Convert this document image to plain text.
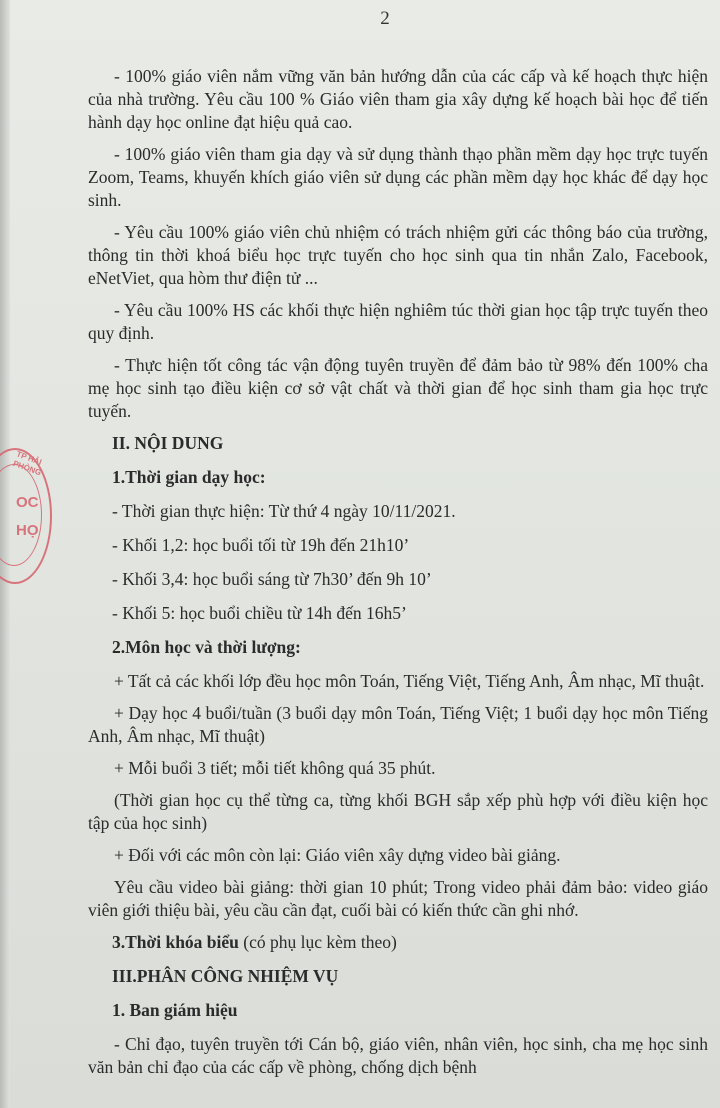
TP HẢI PHÒNG
OC
HỌ
2

- 100% giáo viên nắm vững văn bản hướng dẫn của các cấp và kế hoạch thực hiện của nhà trường. Yêu cầu 100 % Giáo viên tham gia xây dựng kế hoạch bài học để tiến hành dạy học online đạt hiệu quả cao.

- 100% giáo viên tham gia dạy và sử dụng thành thạo phần mềm dạy học trực tuyến Zoom, Teams, khuyến khích giáo viên sử dụng các phần mềm dạy học khác để dạy học sinh.

- Yêu cầu 100% giáo viên chủ nhiệm có trách nhiệm gửi các thông báo của trường, thông tin thời khoá biểu học trực tuyến cho học sinh qua tin nhắn Zalo, Facebook, eNetViet, qua hòm thư điện tử ...

- Yêu cầu 100% HS các khối thực hiện nghiêm túc thời gian học tập trực tuyến theo quy định.

- Thực hiện tốt công tác vận động tuyên truyền để đảm bảo từ 98% đến 100% cha mẹ học sinh tạo điều kiện cơ sở vật chất và thời gian để học sinh tham gia học trực tuyến.

II. NỘI DUNG
1.Thời gian dạy học:
- Thời gian thực hiện: Từ thứ 4 ngày 10/11/2021.
- Khối 1,2: học buổi tối từ 19h đến 21h10’
- Khối 3,4: học buổi sáng từ 7h30’ đến 9h 10’
- Khối 5: học buổi chiều từ 14h đến 16h5’
2.Môn học và thời lượng:

+ Tất cả các khối lớp đều học môn Toán, Tiếng Việt, Tiếng Anh, Âm nhạc, Mĩ thuật.

+ Dạy học 4 buổi/tuần (3 buổi dạy môn Toán, Tiếng Việt; 1 buổi dạy học môn Tiếng Anh, Âm nhạc, Mĩ thuật)

+ Mỗi buổi 3 tiết; mỗi tiết không quá 35 phút.

(Thời gian học cụ thể từng ca, từng khối BGH sắp xếp phù hợp với điều kiện học tập của học sinh)

+ Đối với các môn còn lại: Giáo viên xây dựng video bài giảng.

Yêu cầu video bài giảng: thời gian 10 phút; Trong video phải đảm bảo: video giáo viên giới thiệu bài, yêu cầu cần đạt, cuối bài có kiến thức cần ghi nhớ.

3.Thời khóa biểu (có phụ lục kèm theo)
III.PHÂN CÔNG NHIỆM VỤ
1. Ban giám hiệu

- Chỉ đạo, tuyên truyền tới Cán bộ, giáo viên, nhân viên, học sinh, cha mẹ học sinh văn bản chỉ đạo của các cấp về phòng, chống dịch bệnh
